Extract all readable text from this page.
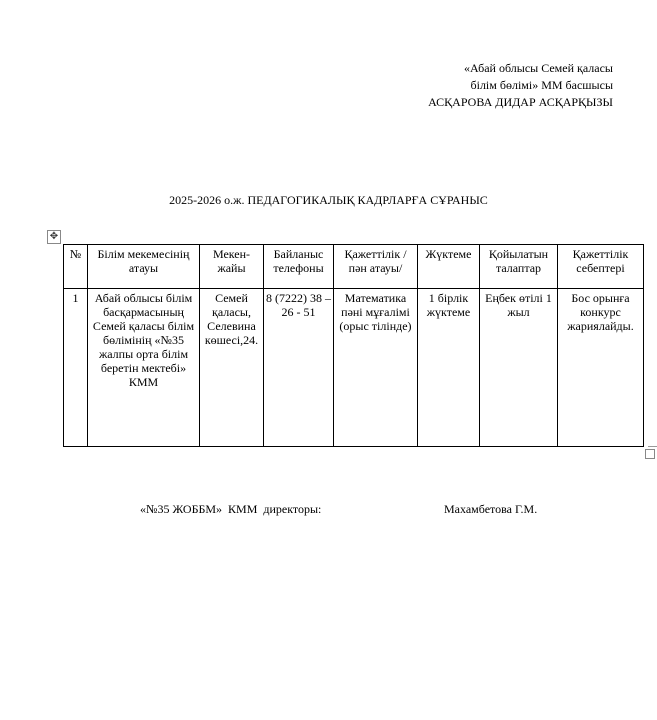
«Абай облысы Семей қаласы
білім бөлімі» ММ басшысы
АСҚАРОВА ДИДАР АСҚАРҚЫЗЫ
2025-2026 о.ж. ПЕДАГОГИКАЛЫҚ КАДРЛАРҒА СҰРАНЫС
✥
№	Білім мекемесінің атауы	Мекен-жайы	Байланыс телефоны	Қажеттілік /пән атауы/	Жүктеме	Қойылатын талаптар	Қажеттілік себептері
1	Абай облысы білім басқармасының Семей қаласы білім бөлімінің «№35 жалпы орта білім беретін мектебі» КММ	Семей қаласы, Селевина көшесі,24.	8 (7222) 38 – 26 - 51	Математика пәні мұғалімі (орыс тілінде)	1 бірлік жүктеме	Еңбек өтілі 1 жыл	Бос орынға конкурс жариялайды.
«№35 ЖОББМ»  КММ  директоры:	Махамбетова Г.М.
